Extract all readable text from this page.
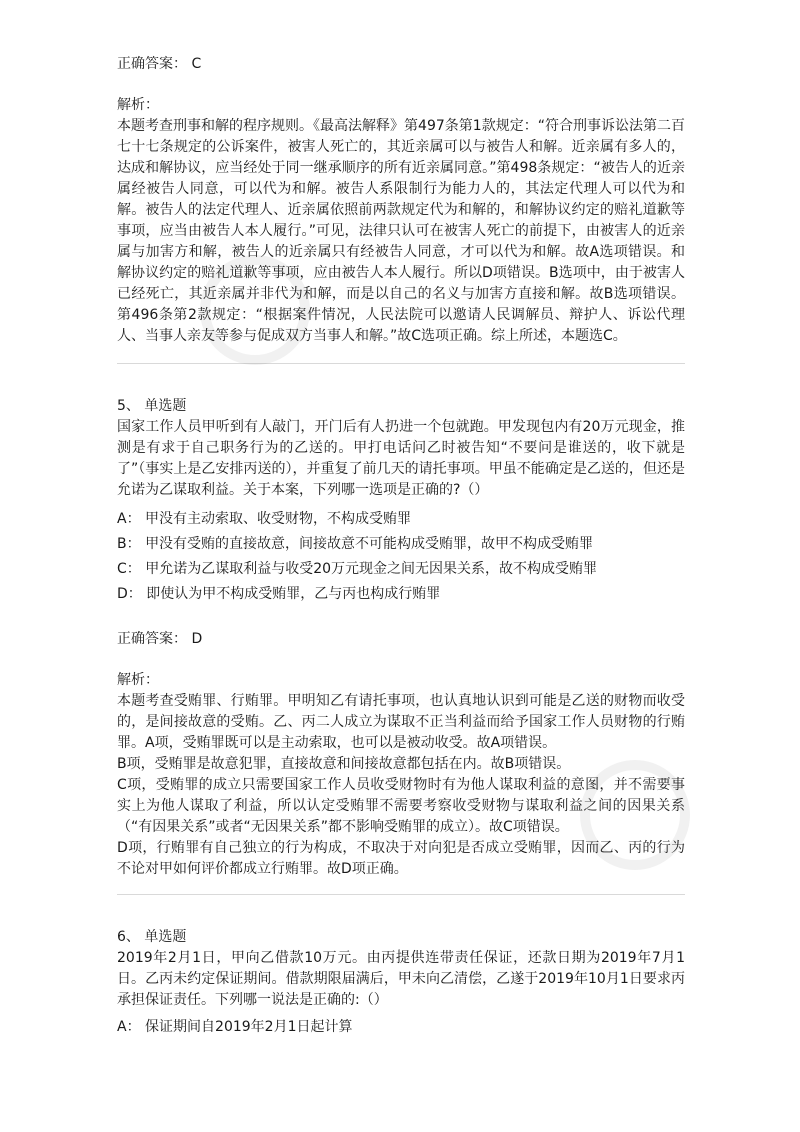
正确答案： C
解析：
本题考查刑事和解的程序规则。《最高法解释》第497条第1款规定：“符合刑事诉讼法第二百七十七条规定的公诉案件，被害人死亡的，其近亲属可以与被告人和解。近亲属有多人的，达成和解协议，应当经处于同一继承顺序的所有近亲属同意。”第498条规定：“被告人的近亲属经被告人同意，可以代为和解。被告人系限制行为能力人的，其法定代理人可以代为和解。被告人的法定代理人、近亲属依照前两款规定代为和解的，和解协议约定的赔礼道歉等事项，应当由被告人本人履行。”可见，法律只认可在被害人死亡的前提下，由被害人的近亲属与加害方和解，被告人的近亲属只有经被告人同意，才可以代为和解。故A选项错误。和解协议约定的赔礼道歉等事项，应由被告人本人履行。所以D项错误。B选项中，由于被害人已经死亡，其近亲属并非代为和解，而是以自己的名义与加害方直接和解。故B选项错误。第496条第2款规定：“根据案件情况，人民法院可以邀请人民调解员、辩护人、诉讼代理人、当事人亲友等参与促成双方当事人和解。”故C选项正确。综上所述，本题选C。
5、 单选题
国家工作人员甲听到有人敲门，开门后有人扔进一个包就跑。甲发现包内有20万元现金，推测是有求于自己职务行为的乙送的。甲打电话问乙时被告知“不要问是谁送的，收下就是了”（事实上是乙安排丙送的），并重复了前几天的请托事项。甲虽不能确定是乙送的，但还是允诺为乙谋取利益。关于本案，下列哪一选项是正确的?（）
A： 甲没有主动索取、收受财物，不构成受贿罪
B： 甲没有受贿的直接故意，间接故意不可能构成受贿罪，故甲不构成受贿罪
C： 甲允诺为乙谋取利益与收受20万元现金之间无因果关系，故不构成受贿罪
D： 即使认为甲不构成受贿罪，乙与丙也构成行贿罪
正确答案： D
解析：
本题考查受贿罪、行贿罪。甲明知乙有请托事项，也认真地认识到可能是乙送的财物而收受的，是间接故意的受贿。乙、丙二人成立为谋取不正当利益而给予国家工作人员财物的行贿罪。A项，受贿罪既可以是主动索取，也可以是被动收受。故A项错误。
B项，受贿罪是故意犯罪，直接故意和间接故意都包括在内。故B项错误。
C项，受贿罪的成立只需要国家工作人员收受财物时有为他人谋取利益的意图，并不需要事实上为他人谋取了利益，所以认定受贿罪不需要考察收受财物与谋取利益之间的因果关系（“有因果关系”或者“无因果关系”都不影响受贿罪的成立）。故C项错误。
D项，行贿罪有自己独立的行为构成，不取决于对向犯是否成立受贿罪，因而乙、丙的行为不论对甲如何评价都成立行贿罪。故D项正确。
6、 单选题
2019年2月1日，甲向乙借款10万元。由丙提供连带责任保证，还款日期为2019年7月1日。乙丙未约定保证期间。借款期限届满后，甲未向乙清偿，乙遂于2019年10月1日要求丙承担保证责任。下列哪一说法是正确的:（）
A： 保证期间自2019年2月1日起计算
